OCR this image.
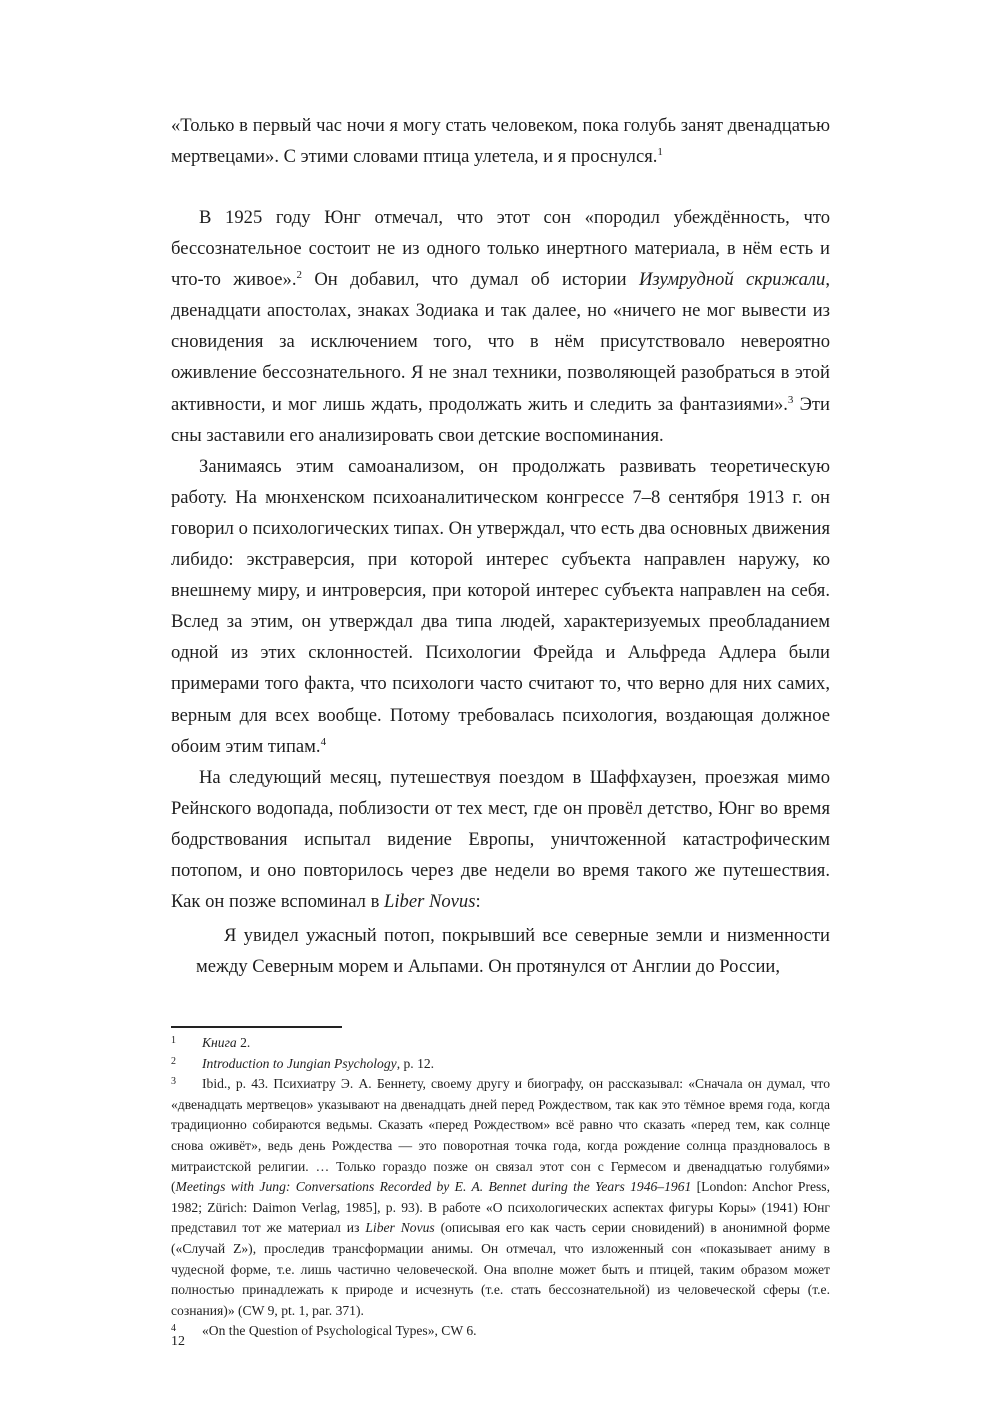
«Только в первый час ночи я могу стать человеком, пока голубь занят двенадцатью мертвецами». С этими словами птица улетела, и я проснулся.$^1$

В 1925 году Юнг отмечал, что этот сон «породил убеждённость, что бессознательное состоит не из одного только инертного материала, в нём есть и что-то живое».$^2$ Он добавил, что думал об истории Изумрудной скрижали, двенадцати апостолах, знаках Зодиака и так далее, но «ничего не мог вывести из сновидения за исключением того, что в нём присутствовало невероятно оживление бессознательного. Я не знал техники, позволяющей разобраться в этой активности, и мог лишь ждать, продолжать жить и следить за фантазиями».$^3$ Эти сны заставили его анализировать свои детские воспоминания.

Занимаясь этим самоанализом, он продолжать развивать теоретическую работу. На мюнхенском психоаналитическом конгрессе 7–8 сентября 1913 г. он говорил о психологических типах. Он утверждал, что есть два основных движения либидо: экстраверсия, при которой интерес субъекта направлен наружу, ко внешнему миру, и интроверсия, при которой интерес субъекта направлен на себя. Вслед за этим, он утверждал два типа людей, характеризуемых преобладанием одной из этих склонностей. Психологии Фрейда и Альфреда Адлера были примерами того факта, что психологи часто считают то, что верно для них самих, верным для всех вообще. Потому требовалась психология, воздающая должное обоим этим типам.$^4$

На следующий месяц, путешествуя поездом в Шаффхаузен, проезжая мимо Рейнского водопада, поблизости от тех мест, где он провёл детство, Юнг во время бодрствования испытал видение Европы, уничтоженной катастрофическим потопом, и оно повторилось через две недели во время такого же путешествия. Как он позже вспоминал в Liber Novus:

Я увидел ужасный потоп, покрывший все северные земли и низменности между Северным морем и Альпами. Он протянулся от Англии до России,

1 Книга 2.

2 Introduction to Jungian Psychology, p. 12.

3 Ibid., p. 43. Психиатру Э. А. Беннету, своему другу и биографу, он рассказывал: «Сначала он думал, что «двенадцать мертвецов» указывают на двенадцать дней перед Рождеством, так как это тёмное время года, когда традиционно собираются ведьмы. Сказать «перед Рождеством» всё равно что сказать «перед тем, как солнце снова оживёт», ведь день Рождества — это поворотная точка года, когда рождение солнца праздновалось в митраистской религии. … Только гораздо позже он связал этот сон с Гермесом и двенадцатью голубями» (Meetings with Jung: Conversations Recorded by E. A. Bennet during the Years 1946–1961 [London: Anchor Press, 1982; Zürich: Daimon Verlag, 1985], p. 93). В работе «О психологических аспектах фигуры Коры» (1941) Юнг представил тот же материал из Liber Novus (описывая его как часть серии сновидений) в анонимной форме («Случай Z»), проследив трансформации анимы. Он отмечал, что изложенный сон «показывает аниму в чудесной форме, т.е. лишь частично человеческой. Она вполне может быть и птицей, таким образом может полностью принадлежать к природе и исчезнуть (т.е. стать бессознательной) из человеческой сферы (т.е. сознания)» (CW 9, pt. 1, par. 371).

4 «On the Question of Psychological Types», CW 6.

12
